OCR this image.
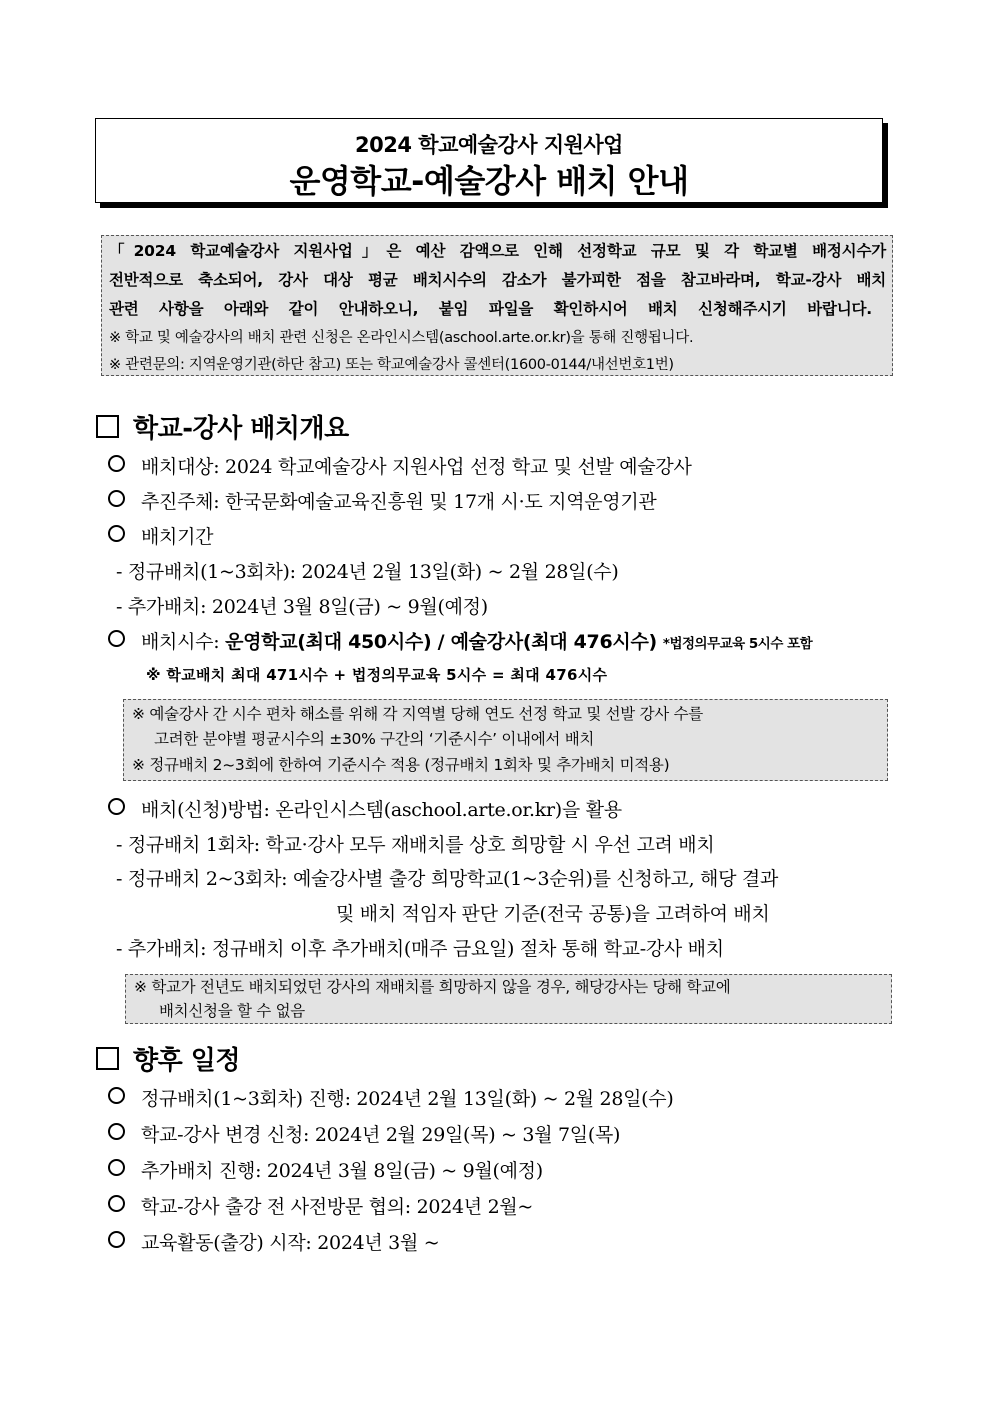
2024 학교예술강사 지원사업
운영학교-예술강사 배치 안내
「2024 학교예술강사 지원사업」은 예산 감액으로 인해 선정학교 규모 및 각 학교별 배정시수가
전반적으로 축소되어, 강사 대상 평균 배치시수의 감소가 불가피한 점을 참고바라며, 학교-강사 배치
관련 사항을 아래와 같이 안내하오니, 붙임 파일을 확인하시어 배치 신청해주시기 바랍니다.
※ 학교 및 예술강사의 배치 관련 신청은 온라인시스템(aschool.arte.or.kr)을 통해 진행됩니다.
※ 관련문의: 지역운영기관(하단 참고) 또는 학교예술강사 콜센터(1600-0144/내선번호1번)
학교-강사 배치개요
배치대상: 2024 학교예술강사 지원사업 선정 학교 및 선발 예술강사
추진주체: 한국문화예술교육진흥원 및 17개 시·도 지역운영기관
배치기간
- 정규배치(1~3회차): 2024년 2월 13일(화) ~ 2월 28일(수)
- 추가배치: 2024년 3월 8일(금) ~ 9월(예정)
배치시수: 운영학교(최대 450시수) / 예술강사(최대 476시수) *법정의무교육 5시수 포함
※ 학교배치 최대 471시수 + 법정의무교육 5시수 = 최대 476시수
※ 예술강사 간 시수 편차 해소를 위해 각 지역별 당해 연도 선정 학교 및 선발 강사 수를
고려한 분야별 평균시수의 ±30% 구간의 ‘기준시수’ 이내에서 배치
※ 정규배치 2~3회에 한하여 기준시수 적용 (정규배치 1회차 및 추가배치 미적용)
배치(신청)방법: 온라인시스템(aschool.arte.or.kr)을 활용
- 정규배치 1회차: 학교·강사 모두 재배치를 상호 희망할 시 우선 고려 배치
- 정규배치 2~3회차: 예술강사별 출강 희망학교(1~3순위)를 신청하고, 해당 결과
및 배치 적임자 판단 기준(전국 공통)을 고려하여 배치
- 추가배치: 정규배치 이후 추가배치(매주 금요일) 절차 통해 학교-강사 배치
※ 학교가 전년도 배치되었던 강사의 재배치를 희망하지 않을 경우, 해당강사는 당해 학교에
배치신청을 할 수 없음
향후 일정
정규배치(1~3회차) 진행: 2024년 2월 13일(화) ~ 2월 28일(수)
학교-강사 변경 신청: 2024년 2월 29일(목) ~ 3월 7일(목)
추가배치 진행: 2024년 3월 8일(금) ~ 9월(예정)
학교-강사 출강 전 사전방문 협의: 2024년 2월~
교육활동(출강) 시작: 2024년 3월 ~
